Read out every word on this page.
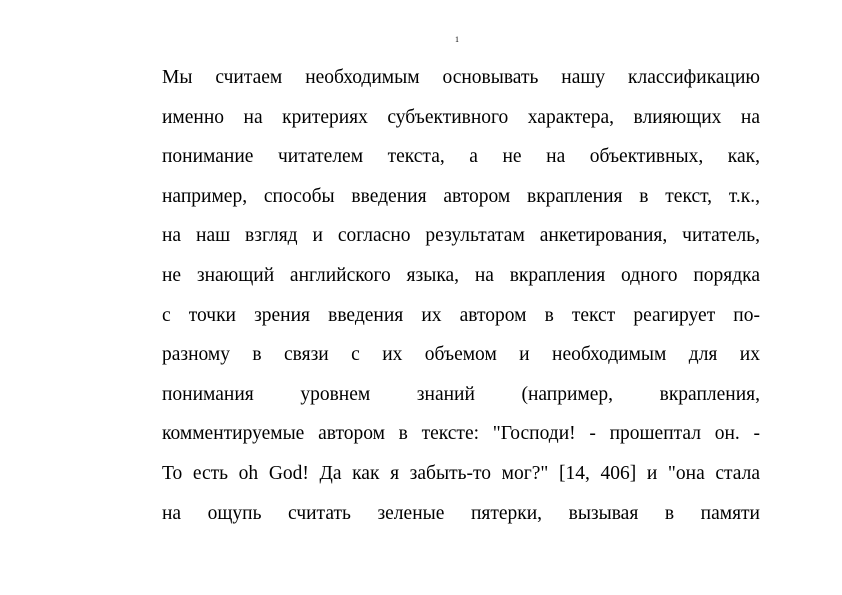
1
Мы считаем необходимым основывать нашу классификацию
именно на критериях субъективного характера, влияющих на
понимание читателем текста, а не на объективных, как,
например, способы введения автором вкрапления в текст, т.к.,
на наш взгляд и согласно результатам анкетирования, читатель,
не знающий английского языка, на вкрапления одного порядка
с точки зрения введения их автором в текст реагирует по-
разному в связи с их объемом и необходимым для их
понимания уровнем знаний (например, вкрапления,
комментируемые автором в тексте: "Господи! - прошептал он. -
То есть oh God! Да как я забыть-то мог?" [14, 406] и "она стала
на ощупь считать зеленые пятерки, вызывая в памяти
